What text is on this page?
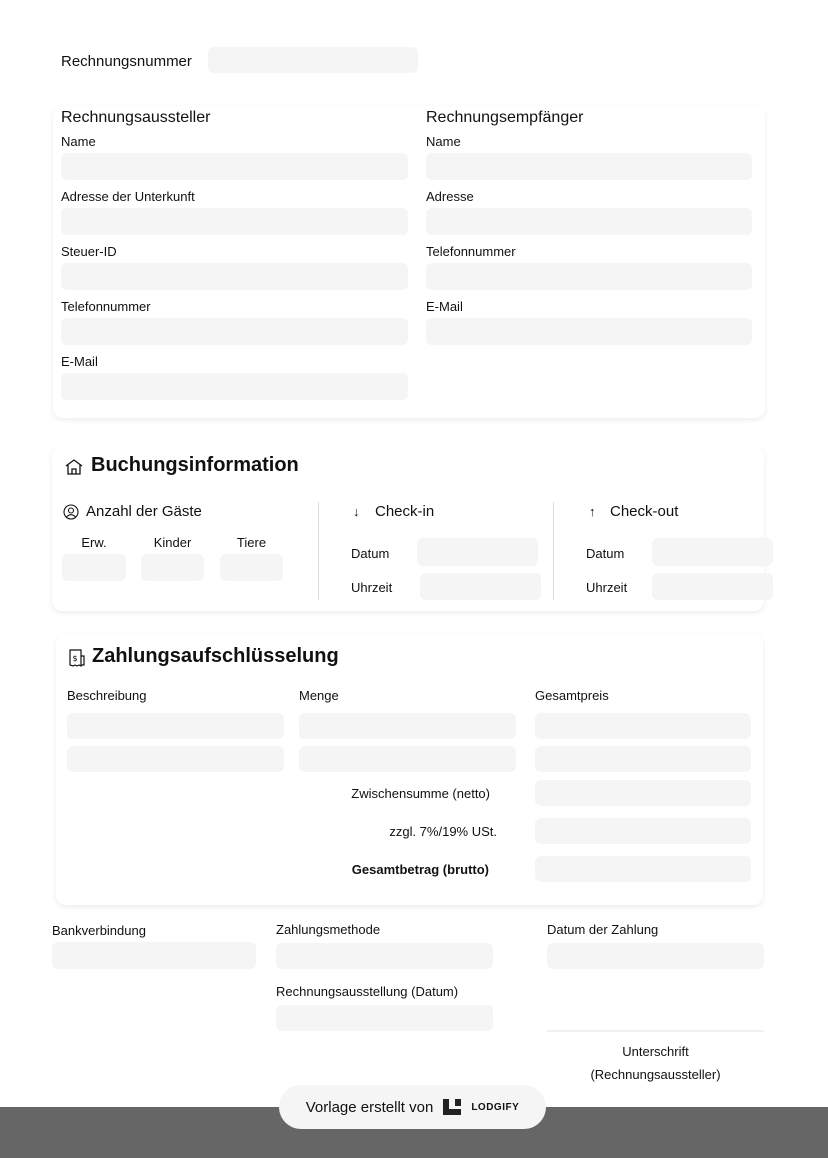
Rechnungsnummer
Rechnungsaussteller	Rechnungsempfänger
Name
Adresse der Unterkunft
Steuer-ID
Telefonnummer
E-Mail
Name
Adresse
Telefonnummer
E-Mail
Buchungsinformation
Anzahl der Gäste
Erw.	Kinder	Tiere
↓ Check-in
Datum
Uhrzeit
↑ Check-out
Datum
Uhrzeit
$ Zahlungsaufschlüsselung
Beschreibung	Menge	Gesamtpreis
Zwischensumme (netto)
zzgl. 7%/19% USt.
Gesamtbetrag (brutto)
Bankverbindung	Zahlungsmethode	Datum der Zahlung
Rechnungsausstellung (Datum)
Unterschrift
(Rechnungsaussteller)
Vorlage erstellt von	LODGIFY
